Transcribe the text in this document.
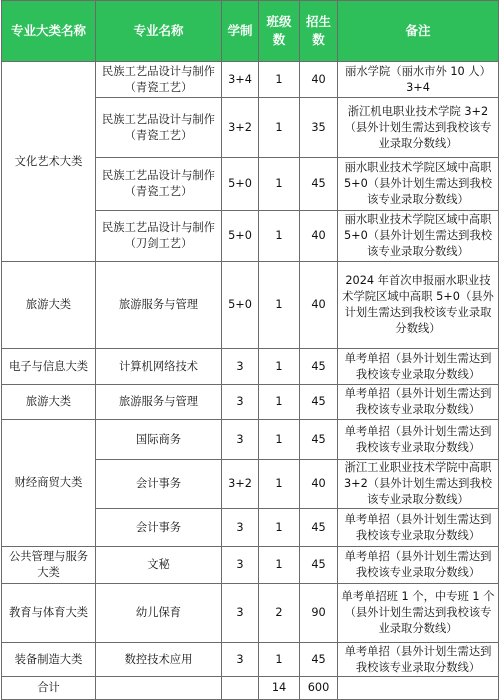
专业大类名称	专业名称	学制	班级数	招生数	备注
文化艺术大类	民族工艺品设计与制作（青瓷工艺）	3+4	1	40	丽水学院（丽水市外 10 人）3+4
	民族工艺品设计与制作（青瓷工艺）	3+2	1	35	浙江机电职业技术学院 3+2（县外计划生需达到我校该专业录取分数线）
	民族工艺品设计与制作（青瓷工艺）	5+0	1	45	丽水职业技术学院区域中高职 5+0（县外计划生需达到我校该专业录取分数线）
	民族工艺品设计与制作（刀剑工艺）	5+0	1	40	丽水职业技术学院区域中高职 5+0（县外计划生需达到我校该专业录取分数线）
旅游大类	旅游服务与管理	5+0	1	40	2024 年首次申报丽水职业技术学院区域中高职 5+0（县外计划生需达到我校该专业录取分数线）
电子与信息大类	计算机网络技术	3	1	45	单考单招（县外计划生需达到我校该专业录取分数线）
旅游大类	旅游服务与管理	3	1	45	单考单招（县外计划生需达到我校该专业录取分数线）
财经商贸大类	国际商务	3	1	45	单考单招（县外计划生需达到我校该专业录取分数线）
	会计事务	3+2	1	40	浙江工业职业技术学院中高职 3+2（县外计划生需达到我校该专业录取分数线）
	会计事务	3	1	45	单考单招（县外计划生需达到我校该专业录取分数线）
公共管理与服务大类	文秘	3	1	45	单考单招（县外计划生需达到我校该专业录取分数线）
教育与体育大类	幼儿保育	3	2	90	单考单招班 1 个，中专班 1 个（县外计划生需达到我校该专业录取分数线）
装备制造大类	数控技术应用	3	1	45	单考单招（县外计划生需达到我校该专业录取分数线）
合计			14	600	
